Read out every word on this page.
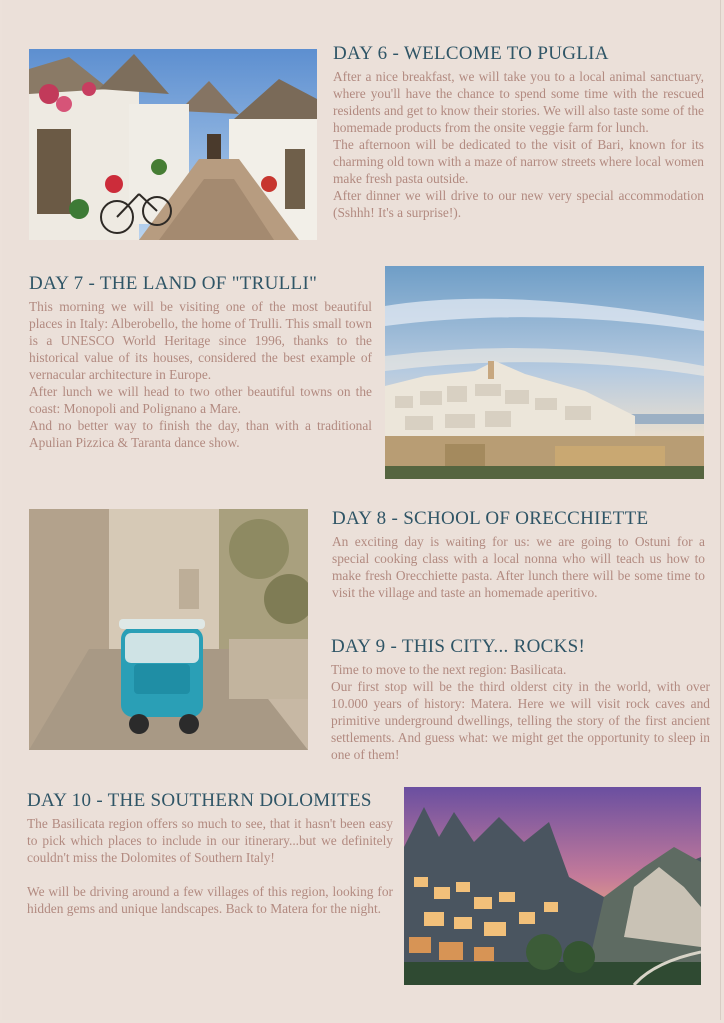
DAY 6 - WELCOME TO PUGLIA

After a nice breakfast, we will take you to a local animal sanctuary, where you'll have the chance to spend some time with the rescued residents and get to know their stories. We will also taste some of the homemade products from the onsite veggie farm for lunch.

The afternoon will be dedicated to the visit of Bari, known for its charming old town with a maze of narrow streets where local women make fresh pasta outside.

After dinner we will drive to our new very special accommodation (Sshhh! It's a surprise!).

DAY 7 - THE LAND OF "TRULLI"

This morning we will be visiting one of the most beautiful places in Italy: Alberobello, the home of Trulli. This small town is a UNESCO World Heritage since 1996, thanks to the historical value of its houses, considered the best example of vernacular architecture in Europe.

After lunch we will head to two other beautiful towns on the coast: Monopoli and Polignano a Mare.

And no better way to finish the day, than with a traditional Apulian Pizzica & Taranta dance show.

DAY 8 - SCHOOL OF ORECCHIETTE

An exciting day is waiting for us: we are going to Ostuni for a special cooking class with a local nonna who will teach us how to make fresh Orecchiette pasta. After lunch there will be some time to visit the village and taste an homemade aperitivo.

DAY 9 - THIS CITY... ROCKS!

Time to move to the next region: Basilicata.

Our first stop will be the third olderst city in the world, with over 10.000 years of history: Matera. Here we will visit rock caves and primitive underground dwellings, telling the story of the first ancient settlements. And guess what: we might get the opportunity to sleep in one of them!

DAY 10 - THE SOUTHERN DOLOMITES

The Basilicata region offers so much to see, that it hasn't been easy to pick which places to include in our itinerary...but we definitely couldn't miss the Dolomites of Southern Italy!

We will be driving around a few villages of this region, looking for hidden gems and unique landscapes. Back to Matera for the night.
